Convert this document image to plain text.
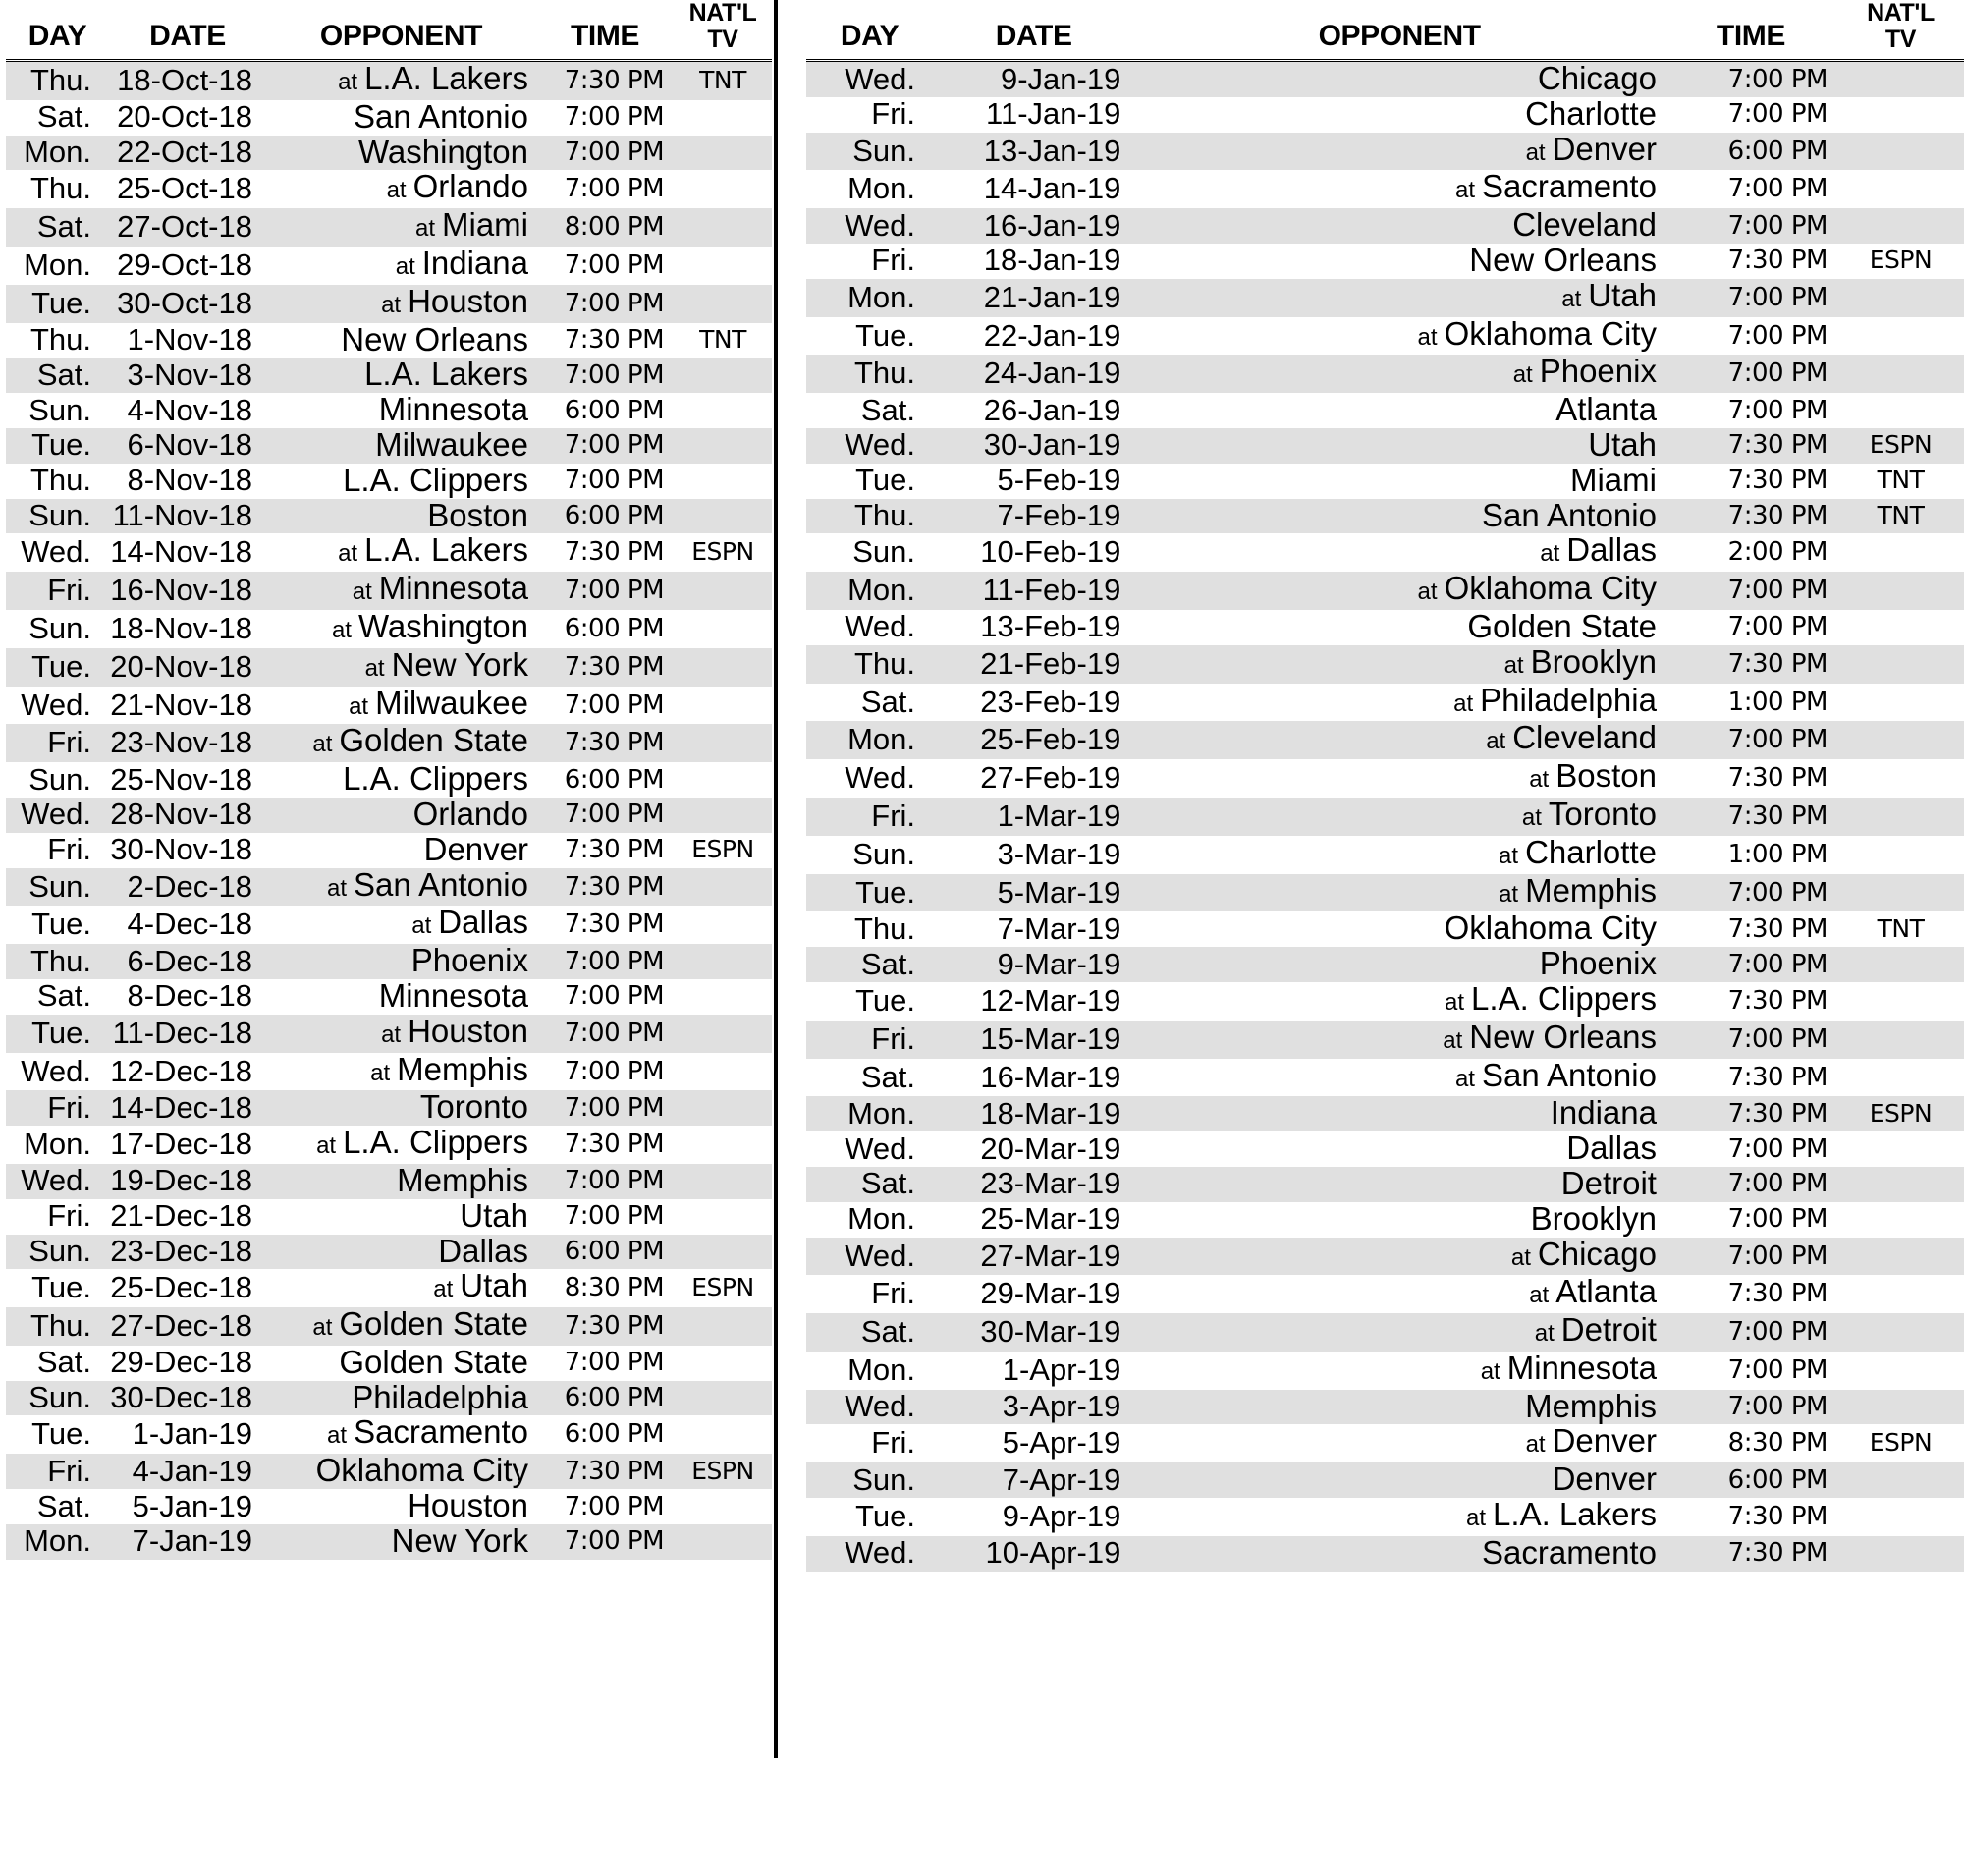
DAY	DATE	OPPONENT	TIME	NAT'L
TV

Thu.	18-Oct-18	at L.A. Lakers	7:30 PM	TNT
Sat.	20-Oct-18	San Antonio	7:00 PM	
Mon.	22-Oct-18	Washington	7:00 PM	
Thu.	25-Oct-18	at Orlando	7:00 PM	
Sat.	27-Oct-18	at Miami	8:00 PM	
Mon.	29-Oct-18	at Indiana	7:00 PM	
Tue.	30-Oct-18	at Houston	7:00 PM	
Thu.	1-Nov-18	New Orleans	7:30 PM	TNT
Sat.	3-Nov-18	L.A. Lakers	7:00 PM	
Sun.	4-Nov-18	Minnesota	6:00 PM	
Tue.	6-Nov-18	Milwaukee	7:00 PM	
Thu.	8-Nov-18	L.A. Clippers	7:00 PM	
Sun.	11-Nov-18	Boston	6:00 PM	
Wed.	14-Nov-18	at L.A. Lakers	7:30 PM	ESPN
Fri.	16-Nov-18	at Minnesota	7:00 PM	
Sun.	18-Nov-18	at Washington	6:00 PM	
Tue.	20-Nov-18	at New York	7:30 PM	
Wed.	21-Nov-18	at Milwaukee	7:00 PM	
Fri.	23-Nov-18	at Golden State	7:30 PM	
Sun.	25-Nov-18	L.A. Clippers	6:00 PM	
Wed.	28-Nov-18	Orlando	7:00 PM	
Fri.	30-Nov-18	Denver	7:30 PM	ESPN
Sun.	2-Dec-18	at San Antonio	7:30 PM	
Tue.	4-Dec-18	at Dallas	7:30 PM	
Thu.	6-Dec-18	Phoenix	7:00 PM	
Sat.	8-Dec-18	Minnesota	7:00 PM	
Tue.	11-Dec-18	at Houston	7:00 PM	
Wed.	12-Dec-18	at Memphis	7:00 PM	
Fri.	14-Dec-18	Toronto	7:00 PM	
Mon.	17-Dec-18	at L.A. Clippers	7:30 PM	
Wed.	19-Dec-18	Memphis	7:00 PM	
Fri.	21-Dec-18	Utah	7:00 PM	
Sun.	23-Dec-18	Dallas	6:00 PM	
Tue.	25-Dec-18	at Utah	8:30 PM	ESPN
Thu.	27-Dec-18	at Golden State	7:30 PM	
Sat.	29-Dec-18	Golden State	7:00 PM	
Sun.	30-Dec-18	Philadelphia	6:00 PM	
Tue.	1-Jan-19	at Sacramento	6:00 PM	
Fri.	4-Jan-19	Oklahoma City	7:30 PM	ESPN
Sat.	5-Jan-19	Houston	7:00 PM	
Mon.	7-Jan-19	New York	7:00 PM	
DAY	DATE	OPPONENT	TIME	NAT'L
TV

Wed.	9-Jan-19	Chicago	7:00 PM	
Fri.	11-Jan-19	Charlotte	7:00 PM	
Sun.	13-Jan-19	at Denver	6:00 PM	
Mon.	14-Jan-19	at Sacramento	7:00 PM	
Wed.	16-Jan-19	Cleveland	7:00 PM	
Fri.	18-Jan-19	New Orleans	7:30 PM	ESPN
Mon.	21-Jan-19	at Utah	7:00 PM	
Tue.	22-Jan-19	at Oklahoma City	7:00 PM	
Thu.	24-Jan-19	at Phoenix	7:00 PM	
Sat.	26-Jan-19	Atlanta	7:00 PM	
Wed.	30-Jan-19	Utah	7:30 PM	ESPN
Tue.	5-Feb-19	Miami	7:30 PM	TNT
Thu.	7-Feb-19	San Antonio	7:30 PM	TNT
Sun.	10-Feb-19	at Dallas	2:00 PM	
Mon.	11-Feb-19	at Oklahoma City	7:00 PM	
Wed.	13-Feb-19	Golden State	7:00 PM	
Thu.	21-Feb-19	at Brooklyn	7:30 PM	
Sat.	23-Feb-19	at Philadelphia	1:00 PM	
Mon.	25-Feb-19	at Cleveland	7:00 PM	
Wed.	27-Feb-19	at Boston	7:30 PM	
Fri.	1-Mar-19	at Toronto	7:30 PM	
Sun.	3-Mar-19	at Charlotte	1:00 PM	
Tue.	5-Mar-19	at Memphis	7:00 PM	
Thu.	7-Mar-19	Oklahoma City	7:30 PM	TNT
Sat.	9-Mar-19	Phoenix	7:00 PM	
Tue.	12-Mar-19	at L.A. Clippers	7:30 PM	
Fri.	15-Mar-19	at New Orleans	7:00 PM	
Sat.	16-Mar-19	at San Antonio	7:30 PM	
Mon.	18-Mar-19	Indiana	7:30 PM	ESPN
Wed.	20-Mar-19	Dallas	7:00 PM	
Sat.	23-Mar-19	Detroit	7:00 PM	
Mon.	25-Mar-19	Brooklyn	7:00 PM	
Wed.	27-Mar-19	at Chicago	7:00 PM	
Fri.	29-Mar-19	at Atlanta	7:30 PM	
Sat.	30-Mar-19	at Detroit	7:00 PM	
Mon.	1-Apr-19	at Minnesota	7:00 PM	
Wed.	3-Apr-19	Memphis	7:00 PM	
Fri.	5-Apr-19	at Denver	8:30 PM	ESPN
Sun.	7-Apr-19	Denver	6:00 PM	
Tue.	9-Apr-19	at L.A. Lakers	7:30 PM	
Wed.	10-Apr-19	Sacramento	7:30 PM	
